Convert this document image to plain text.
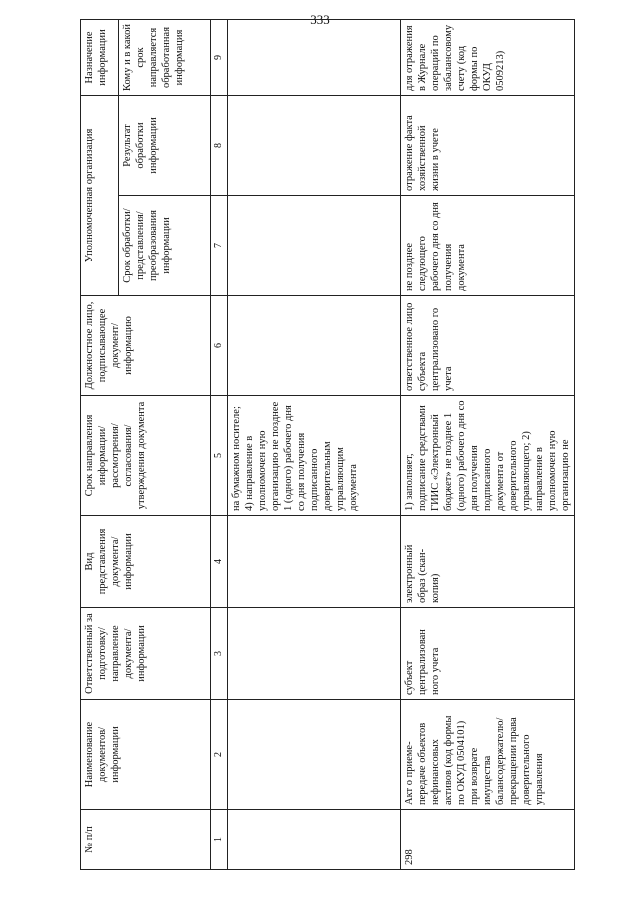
333
№ п/п	Наименование документов/ информации	Ответственный за подготовку/ направление документа/ информации	Вид представления документа/ информации	Срок направления информации/ рассмотрения/ согласования/ утверждения документа	Должностное лицо, подписывающее документ/ информацию	Уполномоченная организация		Назначение информации
						Срок обработки/ представления/ преобразования информации	Результат обработки информации	Кому и в какой срок направляется обработанная информация
1	2	3	4	5	6	7	8	9
				на бумажном носителе; 4) направление в уполномочен ную организацию не позднее 1 (одного) рабочего дня со дня получения подписанного доверительным управляющим документа				
298	Акт о приеме-передаче объектов нефинансовых активов (код формы по ОКУД 0504101) при возврате имущества балансодержателю/ прекращении права доверительного управления	субъект централизован ного учета	электронный образ (скан-копия)	1) заполняет, подписание средствами ГИИС «Электронный бюджет» не позднее 1 (одного) рабочего дня со дня получения подписанного документа от доверительного управляющего; 2) направление в уполномочен ную организацию не	ответственное лицо субъекта централизовано го учета	не позднее следующего рабочего дня со дня получения документа	отражение факта хозяйственной жизни в учете	для отражения в Журнале операций по забалансовому счету (код формы по ОКУД 0509213)
